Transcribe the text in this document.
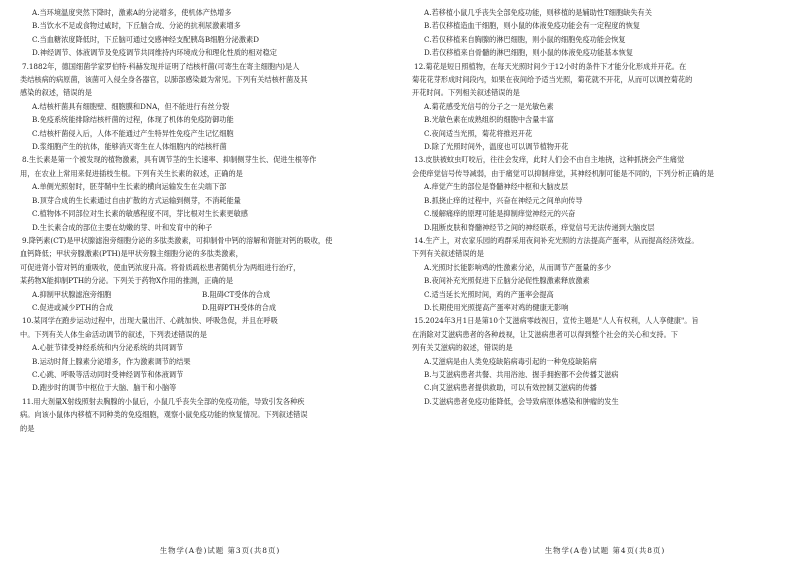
A.当环境温度突然下降时，激素A的分泌增多，使机体产热增多
B.当饮水不足或食物过咸时，下丘脑合成、分泌的抗利尿激素增多
C.当血糖浓度降低时，下丘脑可通过交感神经支配胰岛B细胞分泌激素D
D.神经调节、体液调节及免疫调节共同维持内环境成分和理化性质的相对稳定
7.1882年，德国细菌学家罗伯特·科赫发现并证明了结核杆菌(可寄生在寄主细胞内)是人
类结核病的病原菌，该菌可入侵全身各器官，以肺部感染最为常见。下列有关结核杆菌及其
感染的叙述，错误的是
A.结核杆菌具有细胞壁、细胞膜和DNA，但不能进行有丝分裂
B.免疫系统能排除结核杆菌的过程，体现了机体的免疫防御功能
C.结核杆菌侵入后，人体不能通过产生特异性免疫产生记忆细胞
D.浆细胞产生的抗体，能够消灭寄生在人体细胞内的结核杆菌
8.生长素是第一个被发现的植物激素，具有调节茎的生长速率、抑制侧芽生长、促进生根等作
用，在农业上常用来促进插枝生根。下列有关生长素的叙述，正确的是
A.单侧光照射时，胚芽鞘中生长素的横向运输发生在尖端下部
B.顶芽合成的生长素通过自由扩散的方式运输到侧芽，不消耗能量
C.植物体不同部位对生长素的敏感程度不同，芽比根对生长素更敏感
D.生长素合成的部位主要在幼嫩的芽、叶和发育中的种子
9.降钙素(CT)是甲状腺滤泡旁细胞分泌的多肽类激素，可抑制骨中钙的溶解和肾脏对钙的吸收，使
血钙降低；甲状旁腺激素(PTH)是甲状旁腺主细胞分泌的多肽类激素，
可促进肾小管对钙的重吸收，使血钙浓度升高。将骨质疏松患者随机分为两组进行治疗，
某药物X能抑制PTH的分泌。下列关于药物X作用的推测，正确的是
A.抑制甲状腺滤泡旁细胞	B.阻碍CT受体的合成
C.促进或减少PTH的合成	D.阻碍PTH受体的合成
10.某同学在跑步运动过程中，出现大量出汗、心跳加快、呼吸急促，并且在呼吸
中。下列有关人体生命活动调节的叙述，下列表述错误的是
A.心脏节律受神经系统和内分泌系统的共同调节
B.运动时肾上腺素分泌增多，作为激素调节的结果
C.心跳、呼吸等活动同时受神经调节和体液调节
D.跑步时的调节中枢位于大脑、脑干和小脑等
11.用大剂量X射线照射去胸腺的小鼠后，小鼠几乎丧失全部的免疫功能，导致引发各种疾
病。向该小鼠体内移植不同种类的免疫细胞，观察小鼠免疫功能的恢复情况。下列叙述错误
的是
A.若移植小鼠几乎丧失全部免疫功能，则移植的是辅助性T细胞缺失有关
B.若仅移植造血干细胞，则小鼠的体液免疫功能会有一定程度的恢复
C.若仅移植来自胸腺的淋巴细胞，则小鼠的细胞免疫功能会恢复
D.若仅移植来自骨髓的淋巴细胞，则小鼠的体液免疫功能基本恢复
12.菊花是短日照植物，在每天光照时间少于12小时的条件下才能分化形成并开花。在
菊花花芽形成时间段内，如果在夜间给予适当光照，菊花就不开花，从而可以调控菊花的
开花时间。下列相关叙述错误的是
A.菊花感受光信号的分子之一是光敏色素
B.光敏色素在成熟组织的细胞中含量丰富
C.夜间适当光照，菊花将推迟开花
D.除了光照时间外，温度也可以调节植物开花
13.皮肤被蚊虫叮咬后，往往会发痒，此时人们会不由自主地挠，这种抓挠会产生痛觉
会使痒觉信号传导减弱，由于痛觉可以抑制痒觉，其神经机制可能是不同的，下列分析正确的是
A.痒觉产生的部位是脊髓神经中枢和大脑皮层
B.抓挠止痒的过程中，兴奋在神经元之间单向传导
C.缓解痛痒的原理可能是抑制痒觉神经元的兴奋
D.阻断皮肤和脊髓神经节之间的神经联系，痒觉信号无法传递到大脑皮层
14.生产上，对农家乐园的鸡群采用夜间补充光照的方法提高产蛋率，从而提高经济效益。
下列有关叙述错误的是
A.光照时长能影响鸡的性激素分泌，从而调节产蛋量的多少
B.夜间补充光照促进下丘脑分泌促性腺激素释放激素
C.适当延长光照时间，鸡的产蛋率会提高
D.长期使用光照提高产蛋率对鸡的健康无影响
15.2024年3月1日是第10个艾滋病零歧视日，宣传主题是"人人有权利，人人享健康"。旨
在消除对艾滋病患者的各种歧视，让艾滋病患者可以得到整个社会的关心和支持。下
列有关艾滋病的叙述，错误的是
A.艾滋病是由人类免疫缺陷病毒引起的一种免疫缺陷病
B.与艾滋病患者共餐、共用浴池、握手拥抱都不会传播艾滋病
C.向艾滋病患者提供救助，可以有效控制艾滋病的传播
D.艾滋病患者免疫功能降低，会导致病原体感染和肿瘤的发生
生物学(A卷)试题 第3页(共8页)	生物学(A卷)试题 第4页(共8页)
